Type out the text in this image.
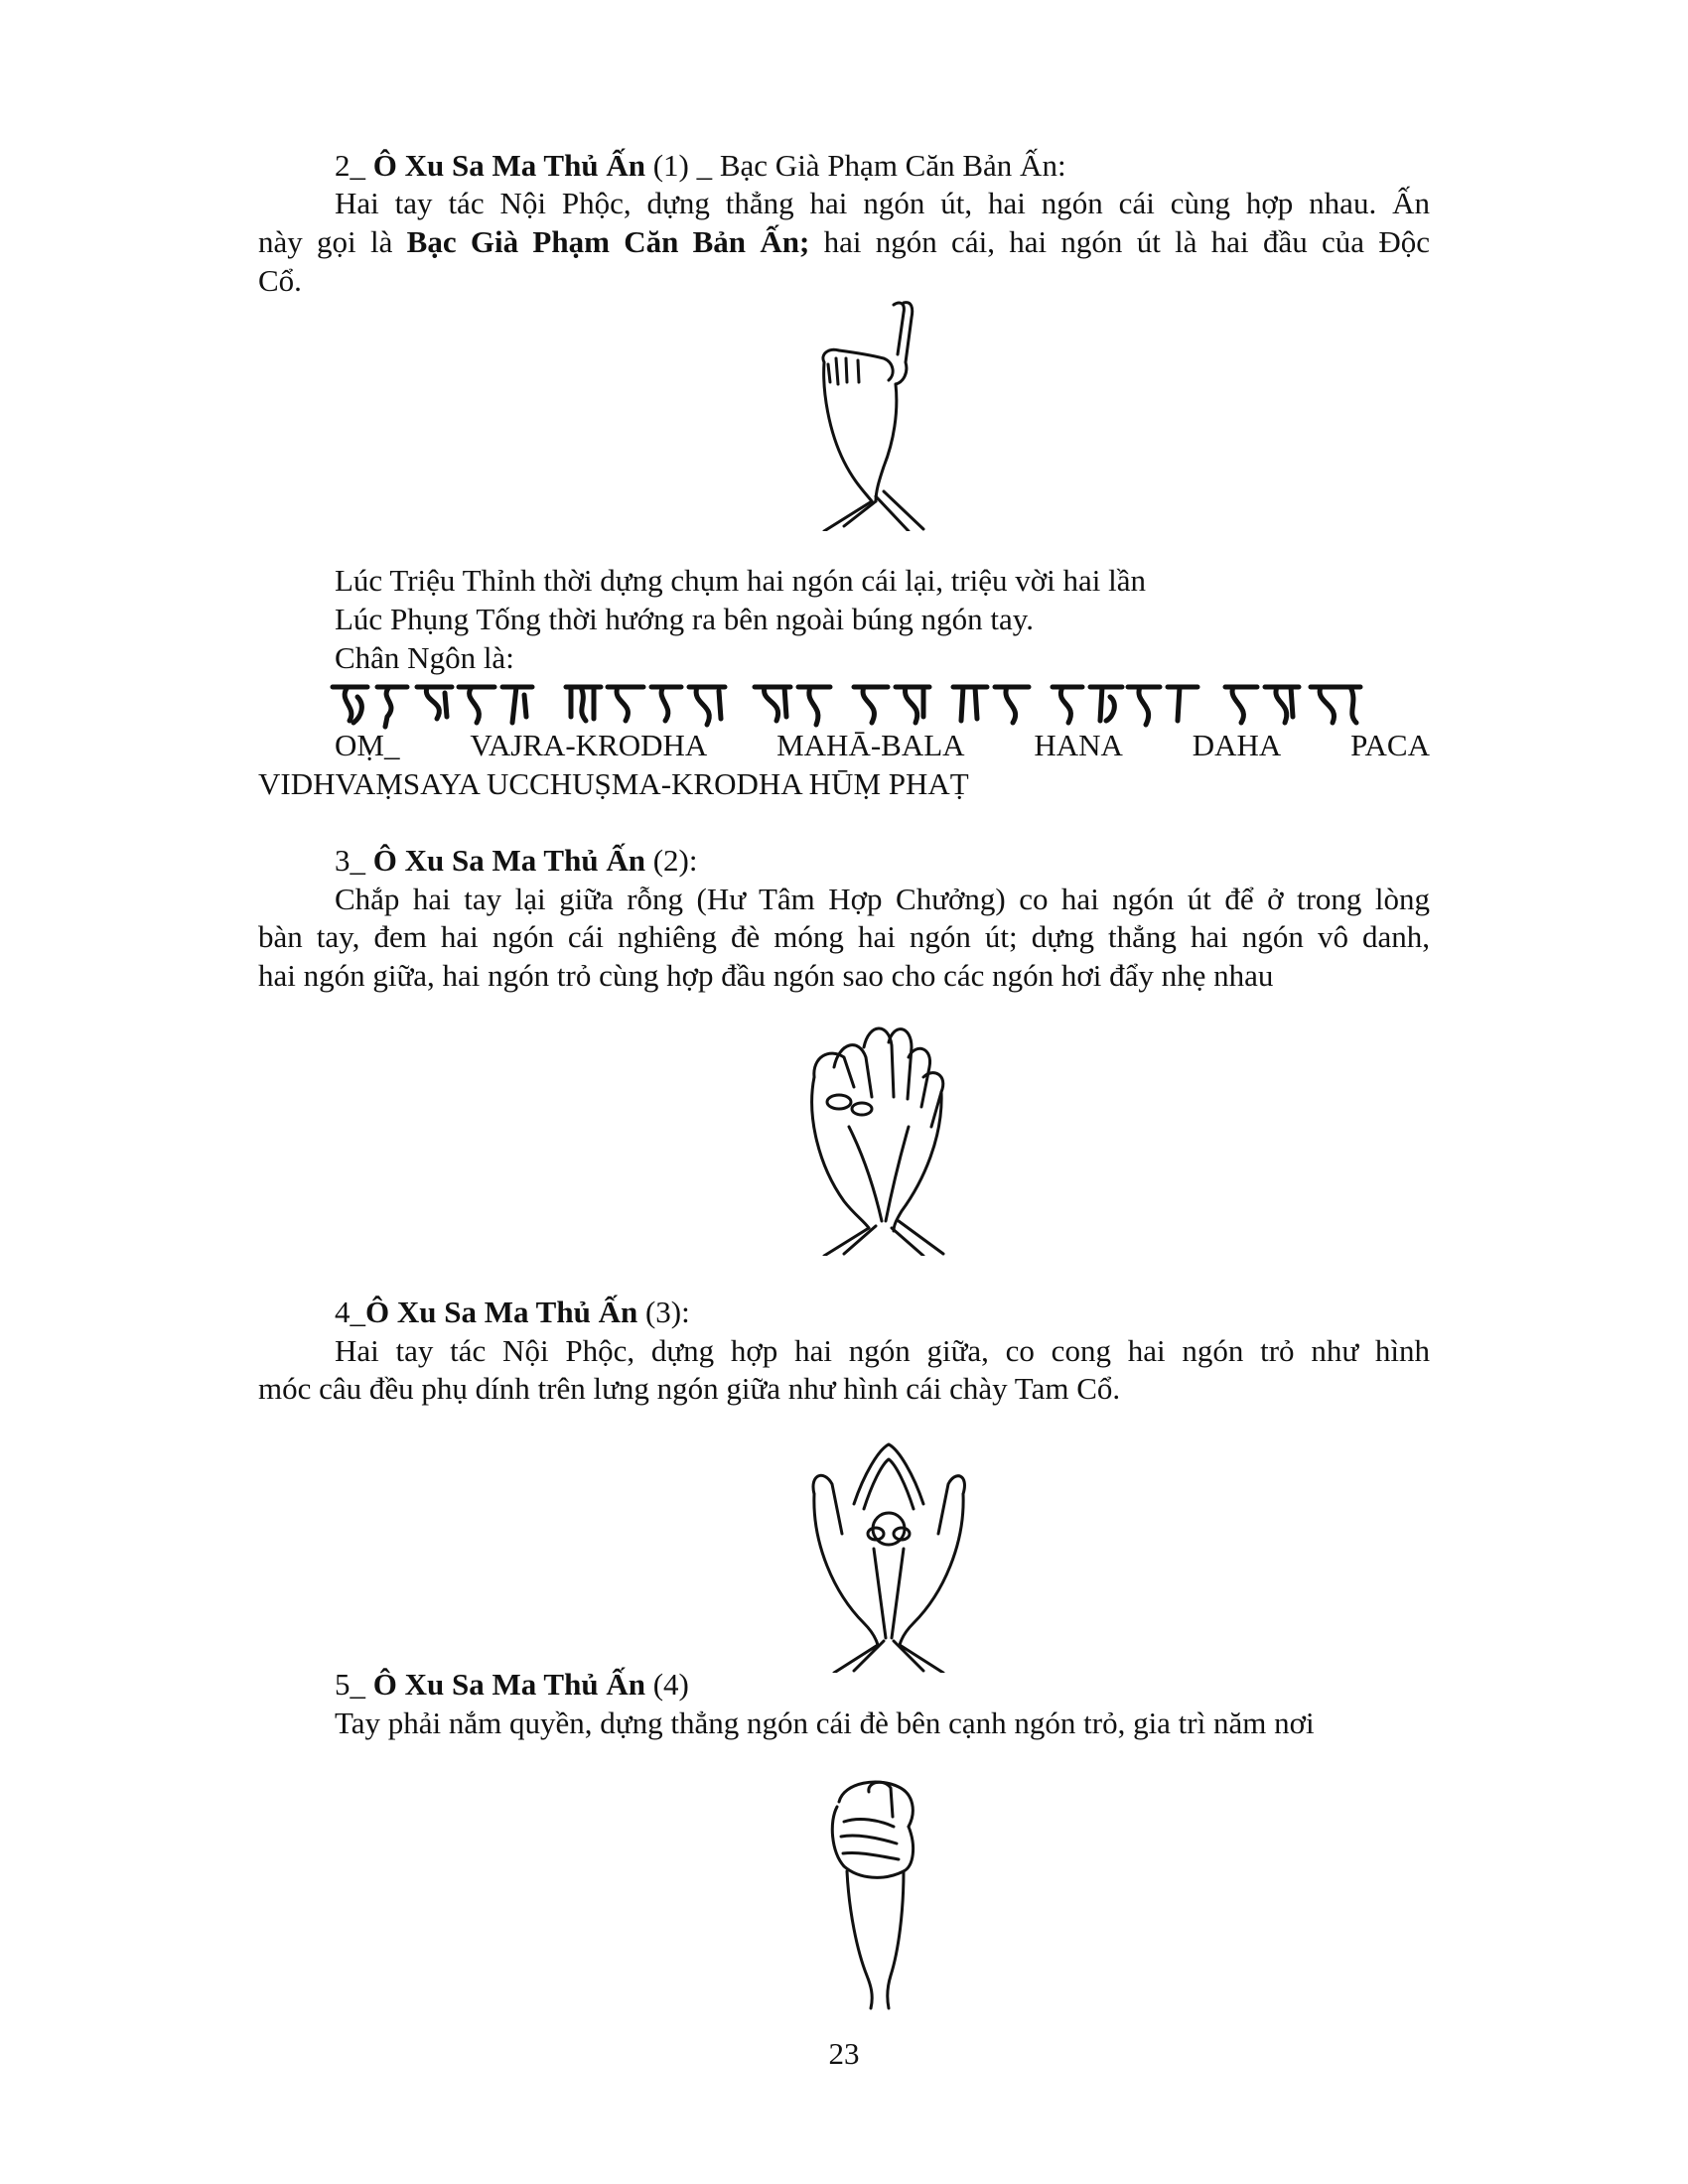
2_ Ô Xu Sa Ma Thủ Ấn (1) _ Bạc Già Phạm Căn Bản Ấn:
Hai tay tác Nội Phộc, dựng thẳng hai ngón út, hai ngón cái cùng hợp nhau. Ấn
này gọi là Bạc Già Phạm Căn Bản Ấn; hai ngón cái, hai ngón út là hai đầu của Độc
Cổ.
Lúc Triệu Thỉnh thời dựng chụm hai ngón cái lại, triệu vời hai lần
Lúc Phụng Tống thời hướng ra bên ngoài búng ngón tay.
Chân Ngôn là:
OṂ_ VAJRA-KRODHA MAHĀ-BALA HANA DAHA PACA
VIDHVAṂSAYA UCCHUṢMA-KRODHA HŪṂ PHAṬ
3_ Ô Xu Sa Ma Thủ Ấn (2):
Chắp hai tay lại giữa rỗng (Hư Tâm Hợp Chưởng) co hai ngón út để ở trong lòng
bàn tay, đem hai ngón cái nghiêng đè móng hai ngón út; dựng thẳng hai ngón vô danh,
hai ngón giữa, hai ngón trỏ cùng hợp đầu ngón sao cho các ngón hơi đẩy nhẹ nhau
4_Ô Xu Sa Ma Thủ Ấn (3):
Hai tay tác Nội Phộc, dựng hợp hai ngón giữa, co cong hai ngón trỏ như hình
móc câu đều phụ dính trên lưng ngón giữa như hình cái chày Tam Cổ.
5_ Ô Xu Sa Ma Thủ Ấn (4)
Tay phải nắm quyền, dựng thẳng ngón cái đè bên cạnh ngón trỏ, gia trì năm nơi
23
